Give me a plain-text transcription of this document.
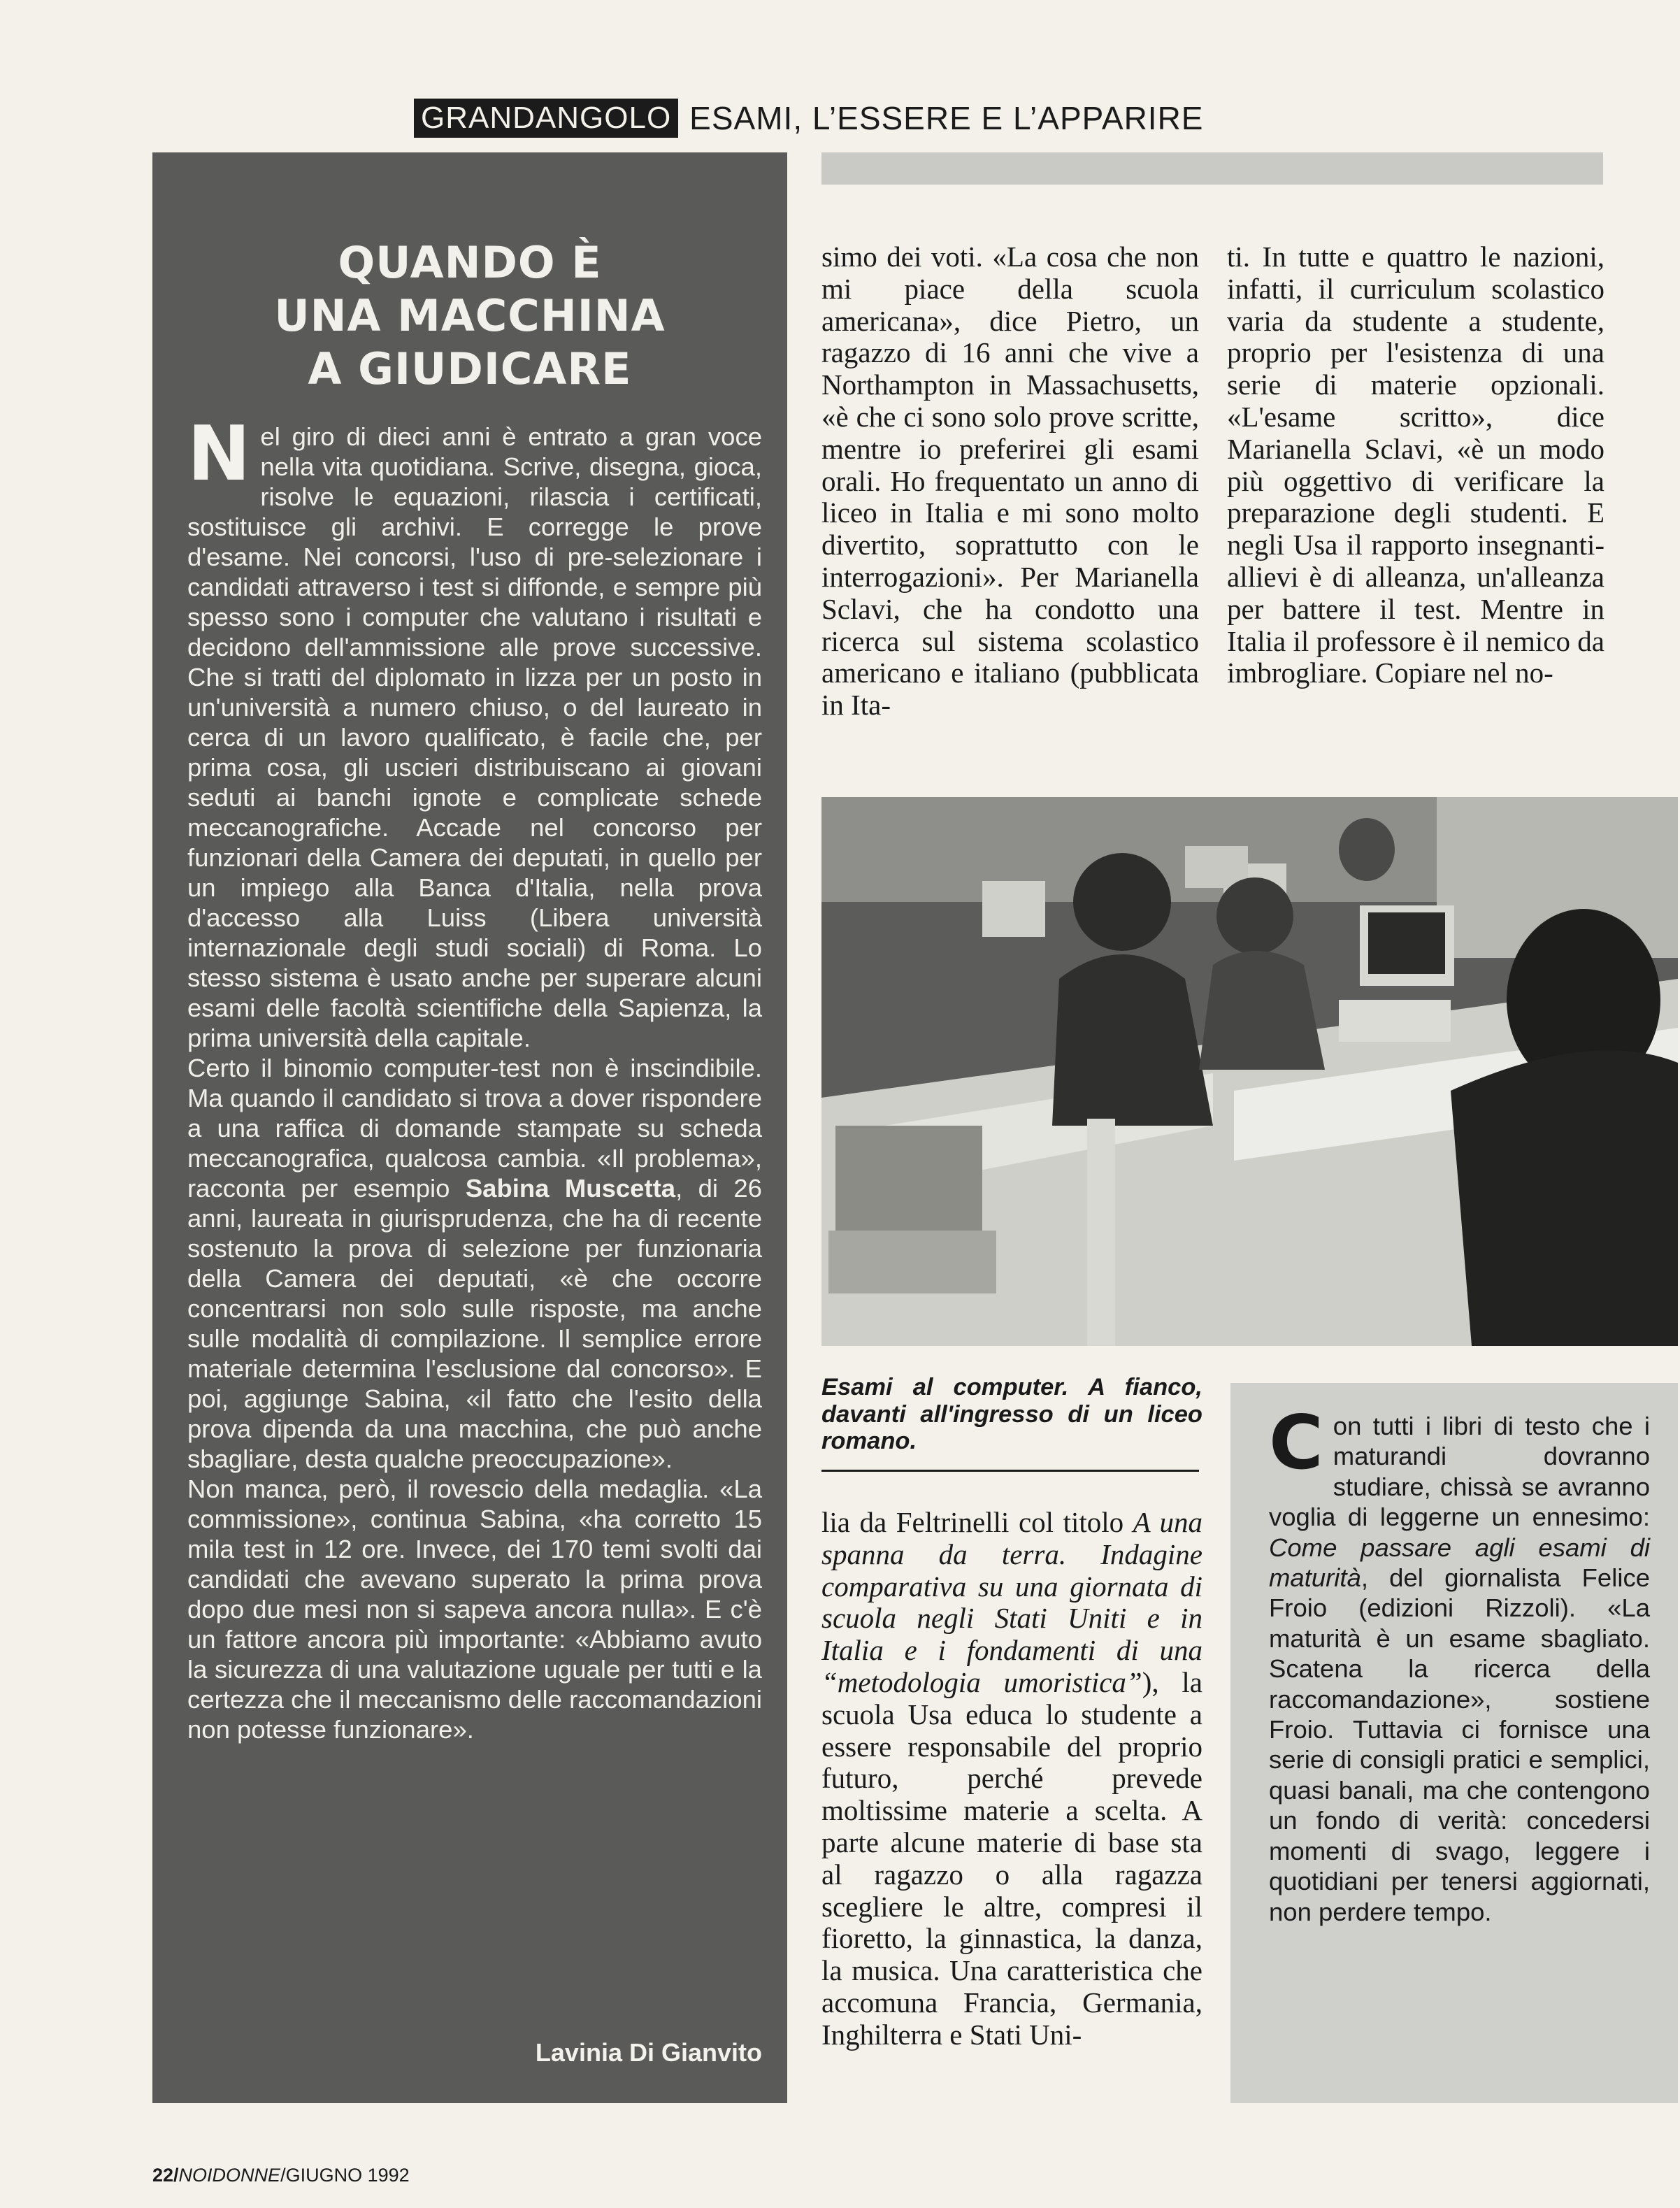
GRANDANGOLO ESAMI, L’ESSERE E L’APPARIRE
QUANDO È
UNA MACCHINA
A GIUDICARE

Nel giro di dieci anni è entrato a gran voce nella vita quotidiana. Scrive, disegna, gioca, risolve le equazioni, rilascia i certificati, sostituisce gli archivi. E corregge le prove d'esame. Nei concorsi, l'uso di pre-selezionare i candidati attraverso i test si diffonde, e sempre più spesso sono i computer che valutano i risultati e decidono dell'ammissione alle prove successive. Che si tratti del diplomato in lizza per un posto in un'università a numero chiuso, o del laureato in cerca di un lavoro qualificato, è facile che, per prima cosa, gli uscieri distribuiscano ai giovani seduti ai banchi ignote e complicate schede meccanografiche. Accade nel concorso per funzionari della Camera dei deputati, in quello per un impiego alla Banca d'Italia, nella prova d'accesso alla Luiss (Libera università internazionale degli studi sociali) di Roma. Lo stesso sistema è usato anche per superare alcuni esami delle facoltà scientifiche della Sapienza, la prima università della capitale.

Certo il binomio computer-test non è inscindibile. Ma quando il candidato si trova a dover rispondere a una raffica di domande stampate su scheda meccanografica, qualcosa cambia. «Il problema», racconta per esempio Sabina Muscetta, di 26 anni, laureata in giurisprudenza, che ha di recente sostenuto la prova di selezione per funzionaria della Camera dei deputati, «è che occorre concentrarsi non solo sulle risposte, ma anche sulle modalità di compilazione. Il semplice errore materiale determina l'esclusione dal concorso». E poi, aggiunge Sabina, «il fatto che l'esito della prova dipenda da una macchina, che può anche sbagliare, desta qualche preoccupazione».

Non manca, però, il rovescio della medaglia. «La commissione», continua Sabina, «ha corretto 15 mila test in 12 ore. Invece, dei 170 temi svolti dai candidati che avevano superato la prima prova dopo due mesi non si sapeva ancora nulla». E c'è un fattore ancora più importante: «Abbiamo avuto la sicurezza di una valutazione uguale per tutti e la certezza che il meccanismo delle raccomandazioni non potesse funzionare».

Lavinia Di Gianvito

simo dei voti. «La cosa che non mi piace della scuola americana», dice Pietro, un ragazzo di 16 anni che vive a Northampton in Massachusetts, «è che ci sono solo prove scritte, mentre io preferirei gli esami orali. Ho frequentato un anno di liceo in Italia e mi sono molto divertito, soprattutto con le interrogazioni». Per Marianella Sclavi, che ha condotto una ricerca sul sistema scolastico americano e italiano (pubblicata in Ita-

ti. In tutte e quattro le nazioni, infatti, il curriculum scolastico varia da studente a studente, proprio per l'esistenza di una serie di materie opzionali. «L'esame scritto», dice Marianella Sclavi, «è un modo più oggettivo di verificare la preparazione degli studenti. E negli Usa il rapporto insegnanti-allievi è di alleanza, un'alleanza per battere il test. Mentre in Italia il professore è il nemico da imbrogliare. Copiare nel no-

Esami al computer. A fianco, davanti all'ingresso di un liceo romano.

lia da Feltrinelli col titolo A una spanna da terra. Indagine comparativa su una giornata di scuola negli Stati Uniti e in Italia e i fondamenti di una “metodologia umoristica”), la scuola Usa educa lo studente a essere responsabile del proprio futuro, perché prevede moltissime materie a scelta. A parte alcune materie di base sta al ragazzo o alla ragazza scegliere le altre, compresi il fioretto, la ginnastica, la danza, la musica. Una caratteristica che accomuna Francia, Germania, Inghilterra e Stati Uni-

Con tutti i libri di testo che i maturandi dovranno studiare, chissà se avranno voglia di leggerne un ennesimo: Come passare agli esami di maturità, del giornalista Felice Froio (edizioni Rizzoli). «La maturità è un esame sbagliato. Scatena la ricerca della raccomandazione», sostiene Froio. Tuttavia ci fornisce una serie di consigli pratici e semplici, quasi banali, ma che contengono un fondo di verità: concedersi momenti di svago, leggere i quotidiani per tenersi aggiornati, non perdere tempo.

22/NOIDONNE/GIUGNO 1992
